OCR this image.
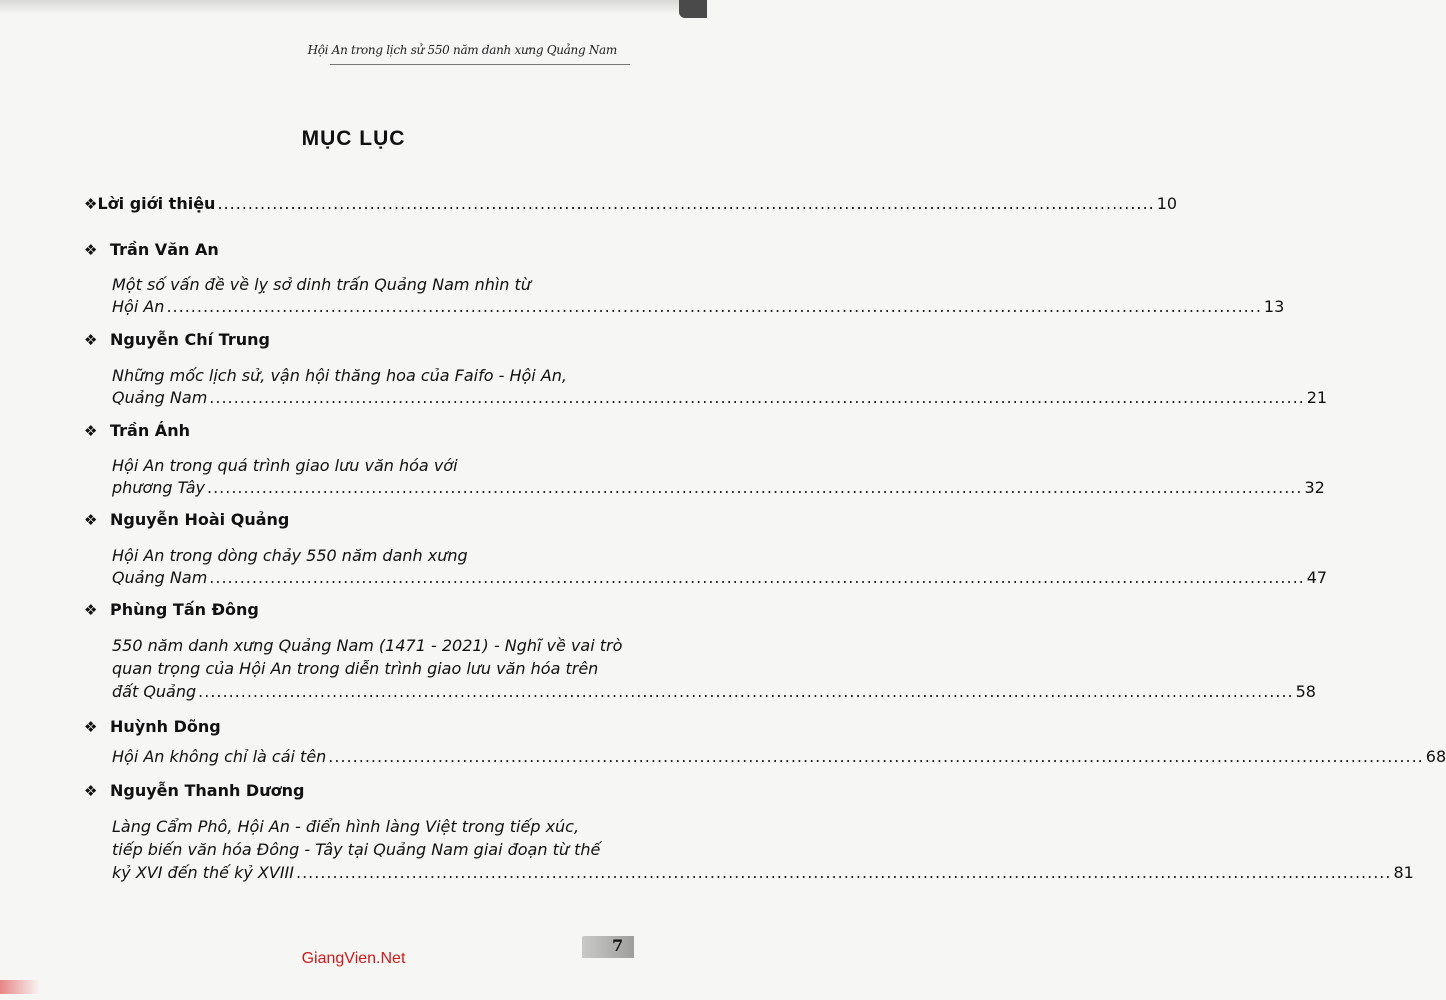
Hội An trong lịch sử 550 năm danh xưng Quảng Nam
MỤC LỤC
❖ Lời giới thiệu .......................................................................................................................................................... 10
❖ Trần Văn An
Một số vấn đề về lỵ sở dinh trấn Quảng Nam nhìn từ
Hội An .....	13
❖ Nguyễn Chí Trung
Những mốc lịch sử, vận hội thăng hoa của Faifo - Hội An,
Quảng Nam .....	21
❖ Trần Ánh
Hội An trong quá trình giao lưu văn hóa với
phương Tây .....	32
❖ Nguyễn Hoài Quảng
Hội An trong dòng chảy 550 năm danh xưng
Quảng Nam .....	47
❖ Phùng Tấn Đông
550 năm danh xưng Quảng Nam (1471 - 2021) - Nghĩ về vai trò
quan trọng của Hội An trong diễn trình giao lưu văn hóa trên
đất Quảng .....	58
❖ Huỳnh Dõng
Hội An không chỉ là cái tên .....	68
❖ Nguyễn Thanh Dương
Làng Cẩm Phô, Hội An - điển hình làng Việt trong tiếp xúc,
tiếp biến văn hóa Đông - Tây tại Quảng Nam giai đoạn từ thế
kỷ XVI đến thế kỷ XVIII .....	81
7
GiangVien.Net
